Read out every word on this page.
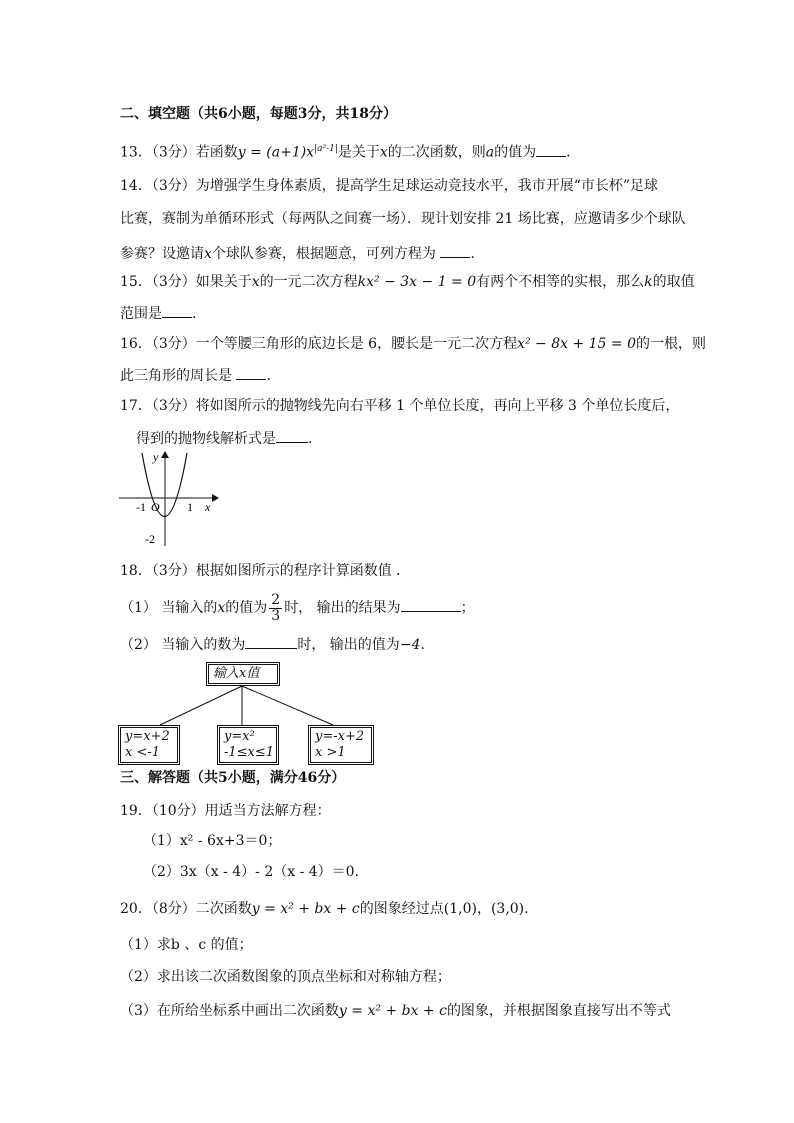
二、填空题（共6小题，每题3分，共18分）
13．（3分）若函数$y = (a+1)x^{|a^2-1|}$是关于x的二次函数，则a的值为 .
14．（3分）为增强学生身体素质，提高学生足球运动竞技水平，我市开展“市长杯”足球
比赛，赛制为单循环形式（每两队之间赛一场）．现计划安排 21 场比赛，应邀请多少个球队
参赛？设邀请x个球队参赛，根据题意，可列方程为 .
15．（3分）如果关于x的一元二次方程kx² − 3x − 1 = 0有两个不相等的实根，那么k的取值
范围是 .
16．（3分）一个等腰三角形的底边长是 6，腰长是一元二次方程x² − 8x + 15 = 0的一根，则
此三角形的周长是 .
17．（3分）将如图所示的抛物线先向右平移 1 个单位长度，再向上平移 3 个单位长度后，
得到的抛物线解析式是 .
y
x
O
-1	1
-2
18．（3分）根据如图所示的程序计算函数值 ．
（1） 当输入的x的值为 $\frac{2}{3}$ 时， 输出的结果为	；
（2） 当输入的数为	时， 输出的值为−4.
输入x值
y=x+2
x <-1
y=x²
-1≤x≤1
y=-x+2
x >1
三、解答题（共5小题，满分46分）
19．（10分）用适当方法解方程：
（1）x² - 6x+3＝0；
（2）3x（x - 4）- 2（x - 4）＝0．
20．（8分）二次函数y = x² + bx + c的图象经过点(1,0)，(3,0).
（1）求b 、c 的值；
（2）求出该二次函数图象的顶点坐标和对称轴方程；
（3）在所给坐标系中画出二次函数y = x² + bx + c的图象，并根据图象直接写出不等式
